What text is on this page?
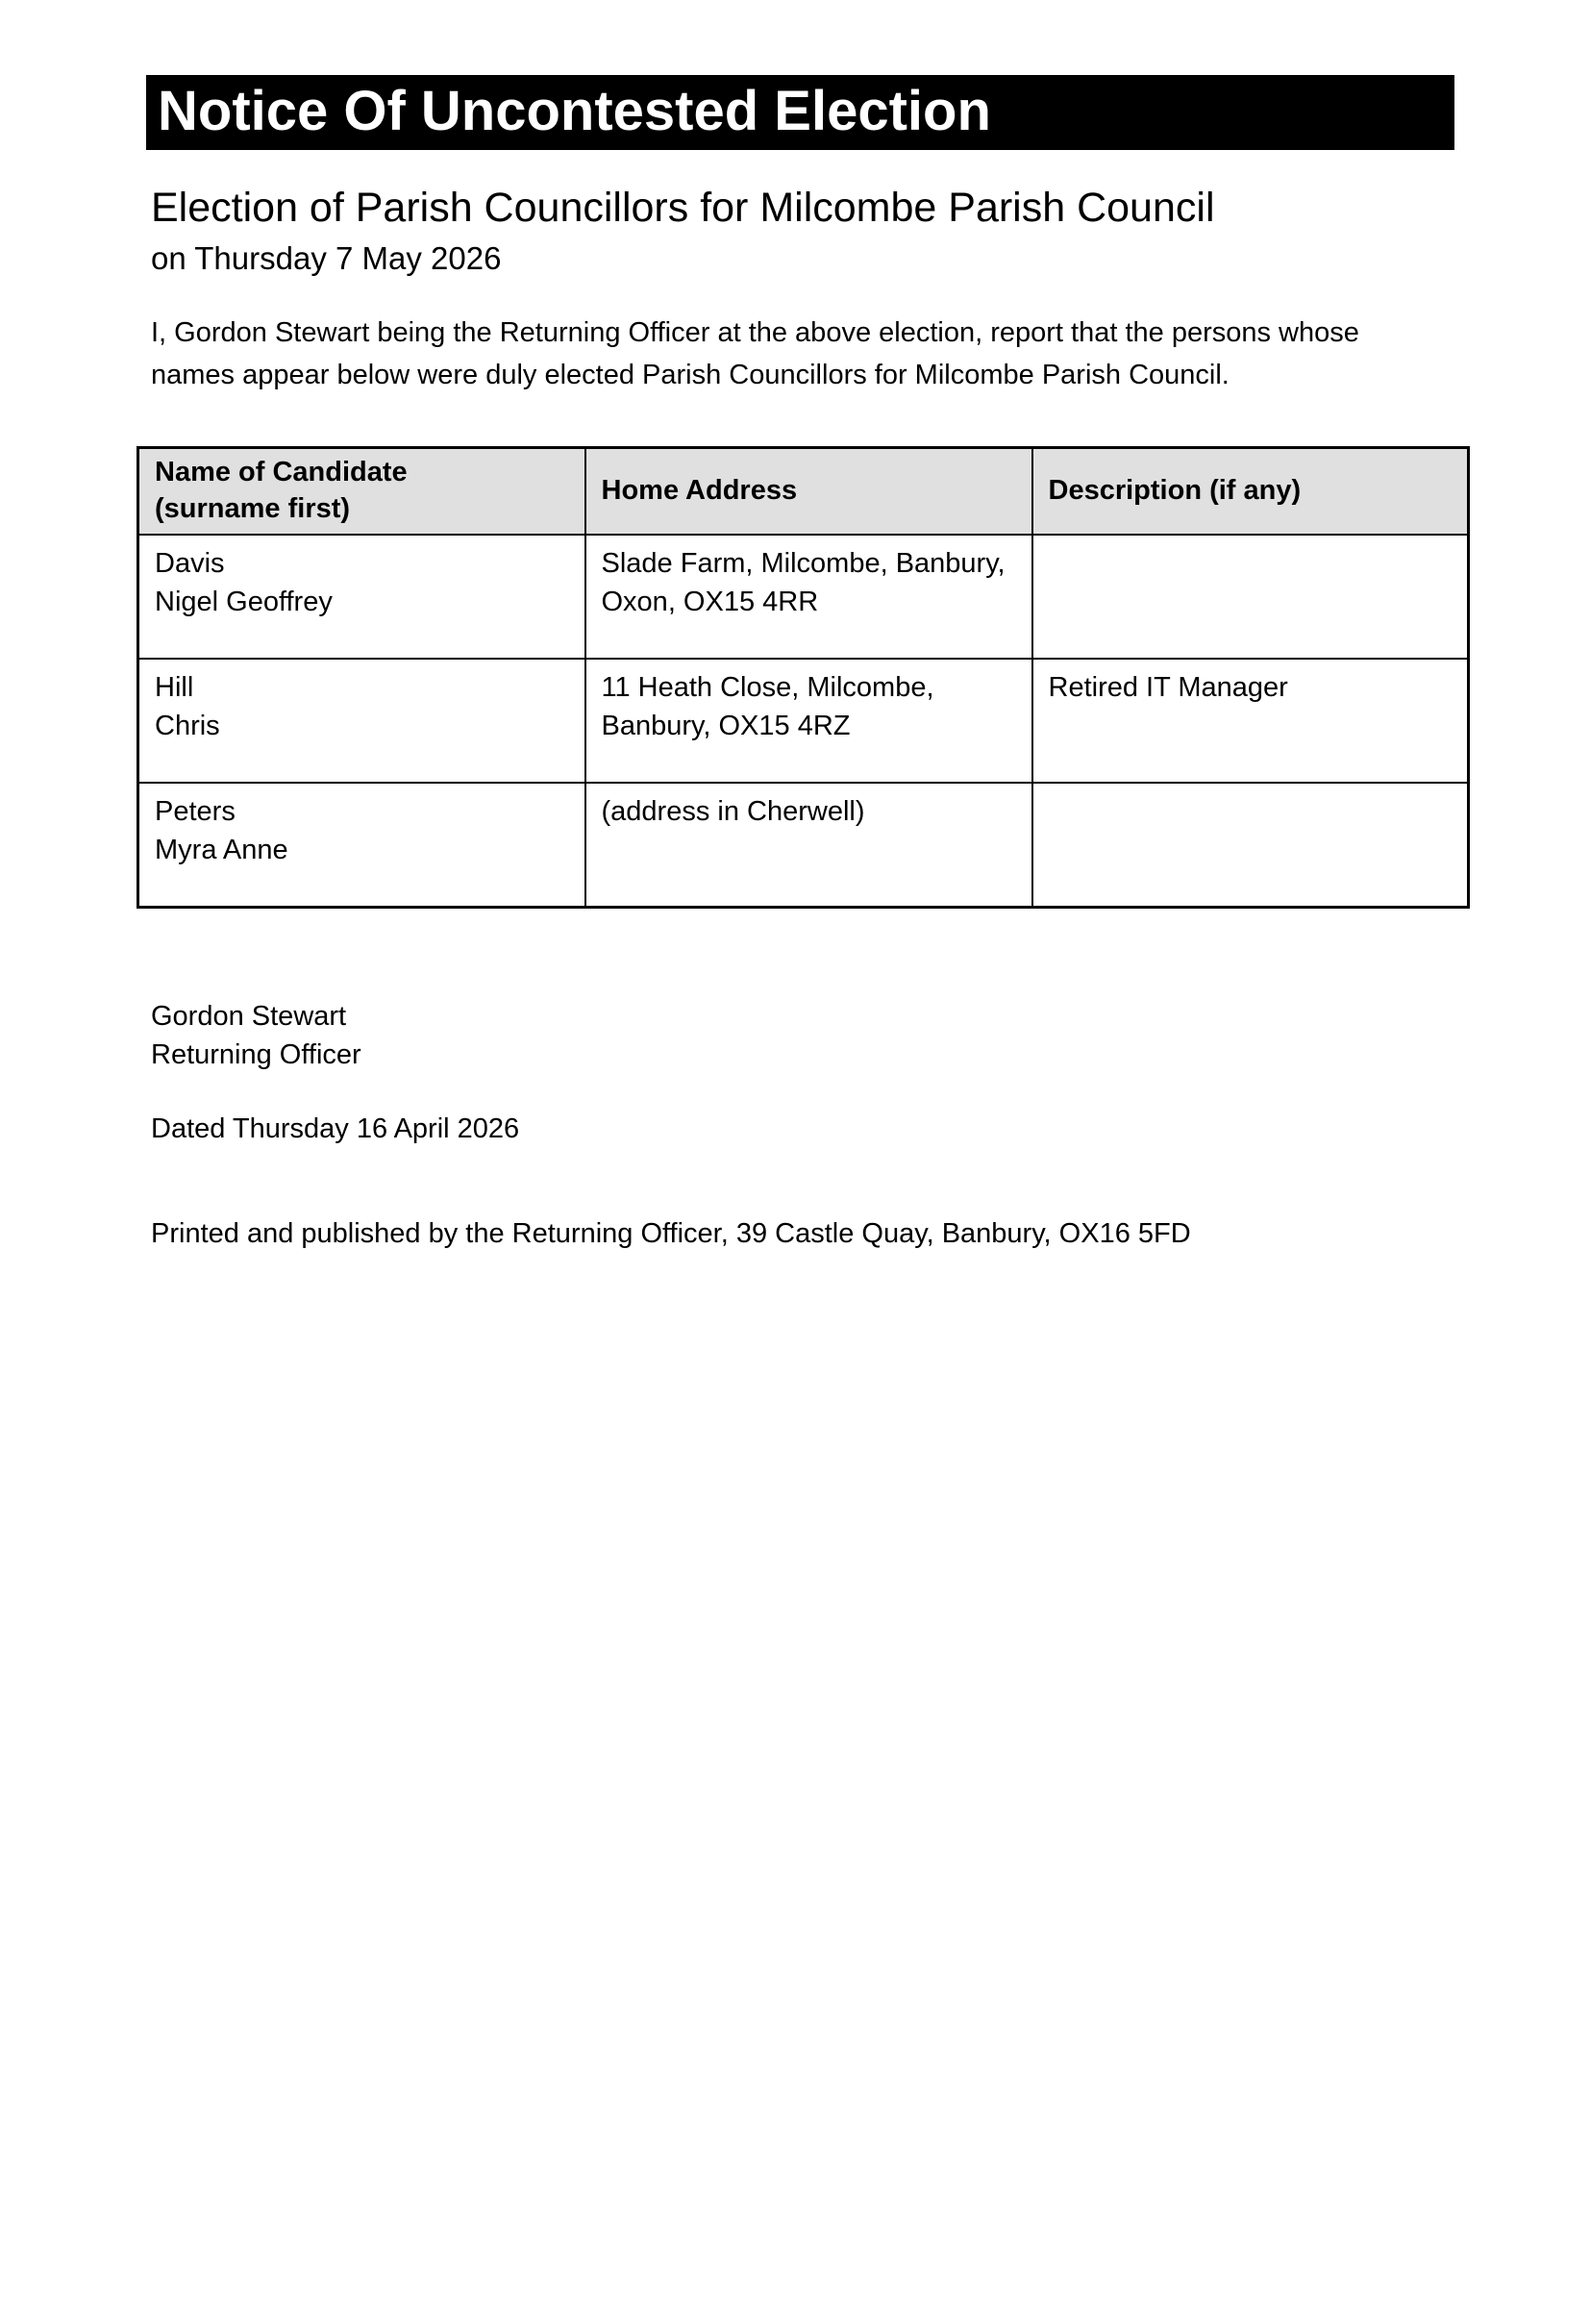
Notice Of Uncontested Election
Election of Parish Councillors for Milcombe Parish Council
on Thursday 7 May 2026
I, Gordon Stewart being the Returning Officer at the above election, report that the persons whose names appear below were duly elected Parish Councillors for Milcombe Parish Council.
Name of Candidate
(surname first)	Home Address	Description (if any)

Davis
Nigel Geoffrey	Slade Farm, Milcombe, Banbury, Oxon, OX15 4RR	

Hill
Chris	11 Heath Close, Milcombe, Banbury, OX15 4RZ	Retired IT Manager

Peters
Myra Anne	(address in Cherwell)	
Gordon Stewart
Returning Officer
Dated Thursday 16 April 2026
Printed and published by the Returning Officer, 39 Castle Quay, Banbury, OX16 5FD
